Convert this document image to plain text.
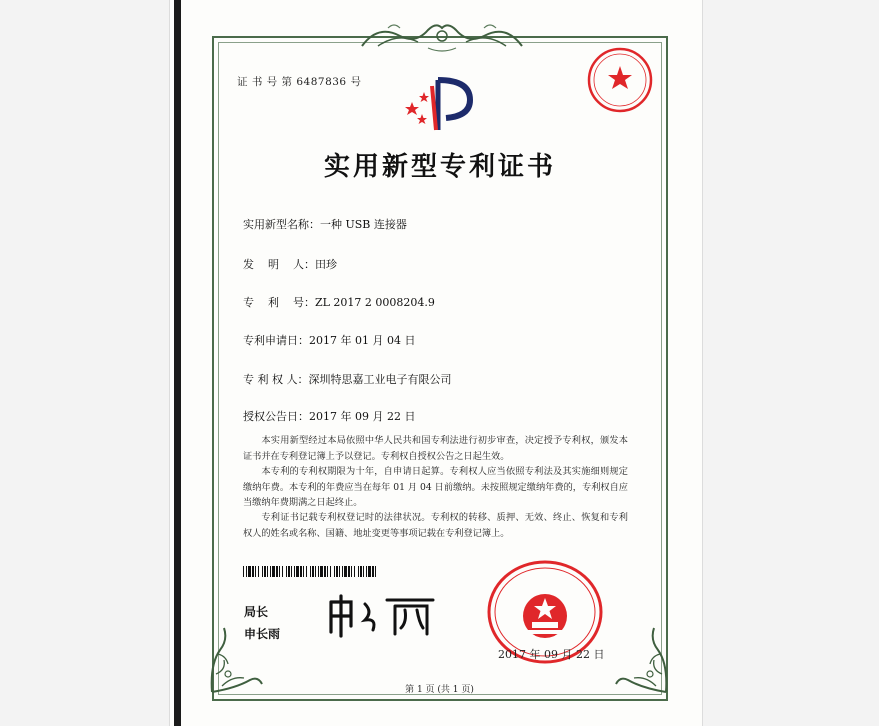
证 书 号 第 6487836 号
实用新型专利证书
实用新型名称：一种 USB 连接器
发    明    人：田珍
专    利    号：ZL 2017 2 0008204.9
专利申请日：2017 年 01 月 04 日
专 利 权 人：深圳特思嘉工业电子有限公司
授权公告日：2017 年 09 月 22 日

本实用新型经过本局依照中华人民共和国专利法进行初步审查，决定授予专利权，颁发本证书并在专利登记簿上予以登记。专利权自授权公告之日起生效。

本专利的专利权期限为十年，自申请日起算。专利权人应当依照专利法及其实施细则规定缴纳年费。本专利的年费应当在每年 01 月 04 日前缴纳。未按照规定缴纳年费的，专利权自应当缴纳年费期满之日起终止。

专利证书记载专利权登记时的法律状况。专利权的转移、质押、无效、终止、恢复和专利权人的姓名或名称、国籍、地址变更等事项记载在专利登记簿上。

局长
申长雨
2017 年 09 月 22 日
第 1 页 (共 1 页)
